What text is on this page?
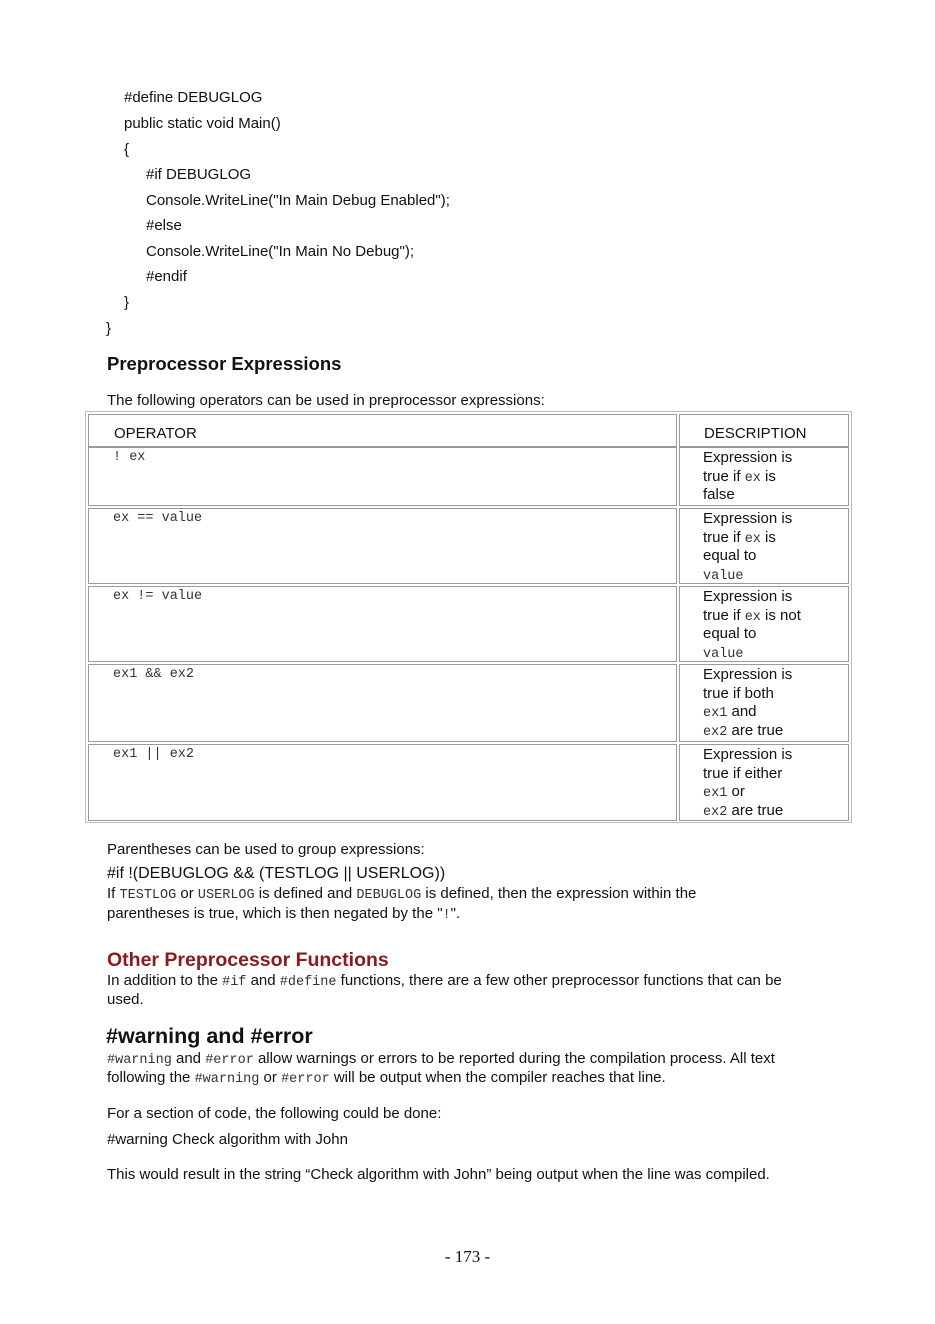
#define DEBUGLOG
public static void Main()
{
#if DEBUGLOG
Console.WriteLine("In Main Debug Enabled");
#else
Console.WriteLine("In Main No Debug");
#endif
}
}
Preprocessor Expressions
The following operators can be used in preprocessor expressions:
OPERATOR	DESCRIPTION
! ex	Expression is
true if ex is
false
ex == value	Expression is
true if ex is
equal to
value
ex != value	Expression is
true if ex is not
equal to
value
ex1 && ex2	Expression is
true if both
ex1 and
ex2 are true
ex1 || ex2	Expression is
true if either
ex1 or
ex2 are true
Parentheses can be used to group expressions:
#if !(DEBUGLOG && (TESTLOG || USERLOG))
If TESTLOG or USERLOG is defined and DEBUGLOG is defined, then the expression within the
parentheses is true, which is then negated by the "!".
Other Preprocessor Functions
In addition to the #if and #define functions, there are a few other preprocessor functions that can be
used.
#warning and #error
#warning and #error allow warnings or errors to be reported during the compilation process. All text
following the #warning or #error will be output when the compiler reaches that line.
For a section of code, the following could be done:
#warning Check algorithm with John
This would result in the string “Check algorithm with John” being output when the line was compiled.
- 173 -
